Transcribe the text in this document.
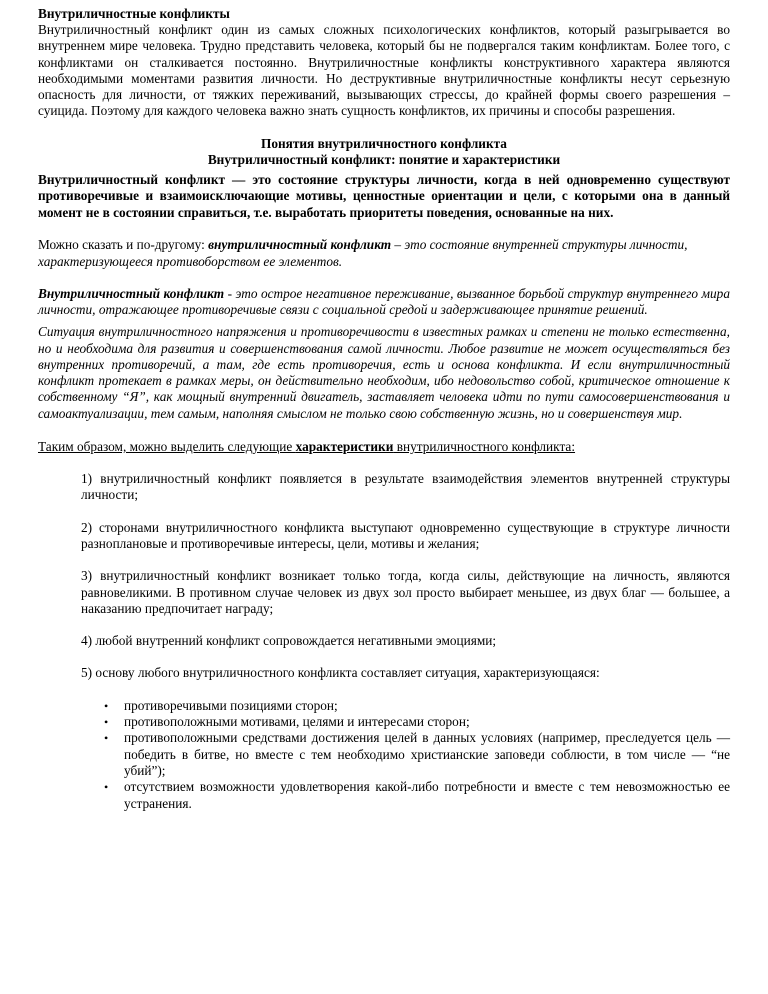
Внутриличностные конфликты

Внутриличностный конфликт один из самых сложных психологических конфликтов, который разыгрывается во внутреннем мире человека. Трудно представить человека, который бы не подвергался таким конфликтам. Более того, с конфликтами он сталкивается постоянно. Внутриличностные конфликты конструктивного характера являются необходимыми моментами развития личности. Но деструктивные внутриличностные конфликты несут серьезную опасность для личности, от тяжких переживаний, вызывающих стрессы, до крайней формы своего разрешения – суицида. Поэтому для каждого человека важно знать сущность конфликтов, их причины и способы разрешения.

Понятия внутриличностного конфликта

Внутриличностный конфликт: понятие и характеристики

Внутриличностный конфликт — это состояние структуры личности, когда в ней одновременно существуют противоречивые и взаимоисключающие мотивы, ценностные ориентации и цели, с которыми она в данный момент не в состоянии справиться, т.е. выработать приоритеты поведения, основанные на них.

Можно сказать и по-другому: внутриличностный конфликт – это состояние внутренней структуры личности, характеризующееся противоборством ее элементов.

Внутриличностный конфликт - это острое негативное переживание, вызванное борьбой структур внутреннего мира личности, отражающее противоречивые связи с социальной средой и задерживающее принятие решений.

Ситуация внутриличностного напряжения и противоречивости в известных рамках и степени не только естественна, но и необходима для развития и совершенствования самой личности. Любое развитие не может осуществляться без внутренних противоречий, а там, где есть противоречия, есть и основа конфликта. И если внутриличностный конфликт протекает в рамках меры, он действительно необходим, ибо недовольство собой, критическое отношение к собственному “Я”, как мощный внутренний двигатель, заставляет человека идти по пути самосовершенствования и самоактуализации, тем самым, наполняя смыслом не только свою собственную жизнь, но и совершенствуя мир.

Таким образом, можно выделить следующие характеристики внутриличностного конфликта:

1) внутриличностный конфликт появляется в результате взаимодействия элементов внутренней структуры личности;

2) сторонами внутриличностного конфликта выступают одновременно существующие в структуре личности разноплановые и противоречивые интересы, цели, мотивы и желания;

3) внутриличностный конфликт возникает только тогда, когда силы, действующие на личность, являются равновеликими. В противном случае человек из двух зол просто выбирает меньшее, из двух благ — большее, а наказанию предпочитает награду;

4) любой внутренний конфликт сопровождается негативными эмоциями;

5) основу любого внутриличностного конфликта составляет ситуация, характеризующаяся:

• противоречивыми позициями сторон;
• противоположными мотивами, целями и интересами сторон;
• противоположными средствами достижения целей в данных условиях (например, преследуется цель — победить в битве, но вместе с тем необходимо христианские заповеди соблюсти, в том числе — “не убий”);
• отсутствием возможности удовлетворения какой-либо потребности и вместе с тем невозможностью ее устранения.
